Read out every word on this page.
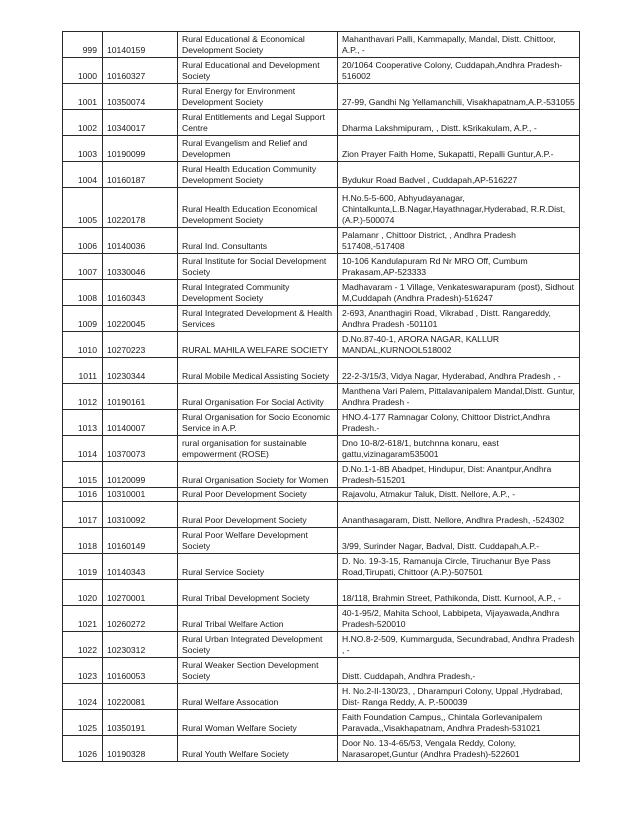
999	10140159	Rural Educational & Economical Development Society	Mahanthavari Palli, Kammapally, Mandal, Distt. Chittoor, A.P., -
1000	10160327	Rural Educational and Development Society	20/1064 Cooperative Colony, Cuddapah,Andhra Pradesh-516002
1001	10350074	Rural Energy for Environment Development Society	27-99, Gandhi Ng Yellamanchili, Visakhapatnam,A.P.-531055
1002	10340017	Rural Entitlements and Legal Support Centre	Dharma Lakshmipuram, , Distt. kSrikakulam, A.P., -
1003	10190099	Rural Evangelism and Relief and Developmen	Zion Prayer Faith Home, Sukapatti, Repalli Guntur,A.P.-
1004	10160187	Rural Health Education Community Development Society	Bydukur Road Badvel , Cuddapah,AP-516227
1005	10220178	Rural Health Education Economical Development Society	H.No.5-5-600, Abhyudayanagar, Chintalkunta,L.B.Nagar,Hayathnagar,Hyderabad, R.R.Dist, (A.P.)-500074
1006	10140036	Rural Ind. Consultants	Palamanr , Chittoor District, , Andhra Pradesh 517408,-517408
1007	10330046	Rural Institute for Social Development Society	10-106 Kandulapuram Rd Nr MRO Off, Cumbum Prakasam,AP-523333
1008	10160343	Rural Integrated Community Development Society	Madhavaram - 1 Village, Venkateswarapuram (post), Sidhout M,Cuddapah (Andhra Pradesh)-516247
1009	10220045	Rural Integrated Development & Health Services	2-693, Ananthagiri Road, Vikrabad , Distt. Rangareddy, Andhra Pradesh -501101
1010	10270223	RURAL MAHILA WELFARE SOCIETY	D.No.87-40-1, ARORA NAGAR, KALLUR MANDAL,KURNOOL518002
1011	10230344	Rural Mobile Medical Assisting Society	22-2-3/15/3, Vidya Nagar, Hyderabad, Andhra Pradesh , -
1012	10190161	Rural Organisation For Social Activity	Manthena Vari Palem, Pittalavanipalem Mandal,Distt. Guntur, Andhra Pradesh -
1013	10140007	Rural Organisation for Socio Economic Service in A.P.	HNO.4-177 Ramnagar Colony, Chittoor District,Andhra Pradesh.-
1014	10370073	rural organisation for sustainable empowerment (ROSE)	Dno 10-8/2-618/1, butchnna konaru, east gattu,vizinagaram535001
1015	10120099	Rural Organisation Society for Women	D.No.1-1-8B Abadpet, Hindupur, Dist: Anantpur,Andhra Pradesh-515201
1016	10310001	Rural Poor Development Society	Rajavolu, Atmakur Taluk, Distt. Nellore, A.P., -
1017	10310092	Rural Poor Development Society	Ananthasagaram, Distt. Nellore, Andhra Pradesh, -524302
1018	10160149	Rural Poor Welfare Development Society	3/99, Surinder Nagar, Badval, Distt. Cuddapah,A.P.-
1019	10140343	Rural Service Society	D. No. 19-3-15, Ramanuja Circle, Tiruchanur Bye Pass Road,Tirupati, Chittoor (A.P.)-507501
1020	10270001	Rural Tribal Development Society	18/118, Brahmin Street, Pathikonda, Distt. Kurnool, A.P., -
1021	10260272	Rural Tribal Welfare Action	40-1-95/2, Mahita School, Labbipeta, Vijayawada,Andhra Pradesh-520010
1022	10230312	Rural Urban Integrated Development Society	H.NO.8-2-509, Kummarguda, Secundrabad, Andhra Pradesh , -
1023	10160053	Rural Weaker Section Development Society	Distt. Cuddapah, Andhra Pradesh,-
1024	10220081	Rural Welfare Assocation	H. No.2-II-130/23, , Dharampuri Colony, Uppal ,Hydrabad, Dist- Ranga Reddy, A. P.-500039
1025	10350191	Rural Woman Welfare Society	Faith Foundation Campus,, Chintala Gorlevanipalem Paravada,,Visakhapatnam, Andhra Pradesh-531021
1026	10190328	Rural Youth Welfare Society	Door No. 13-4-65/53, Vengala Reddy, Colony, Narasaropet,Guntur (Andhra Pradesh)-522601
